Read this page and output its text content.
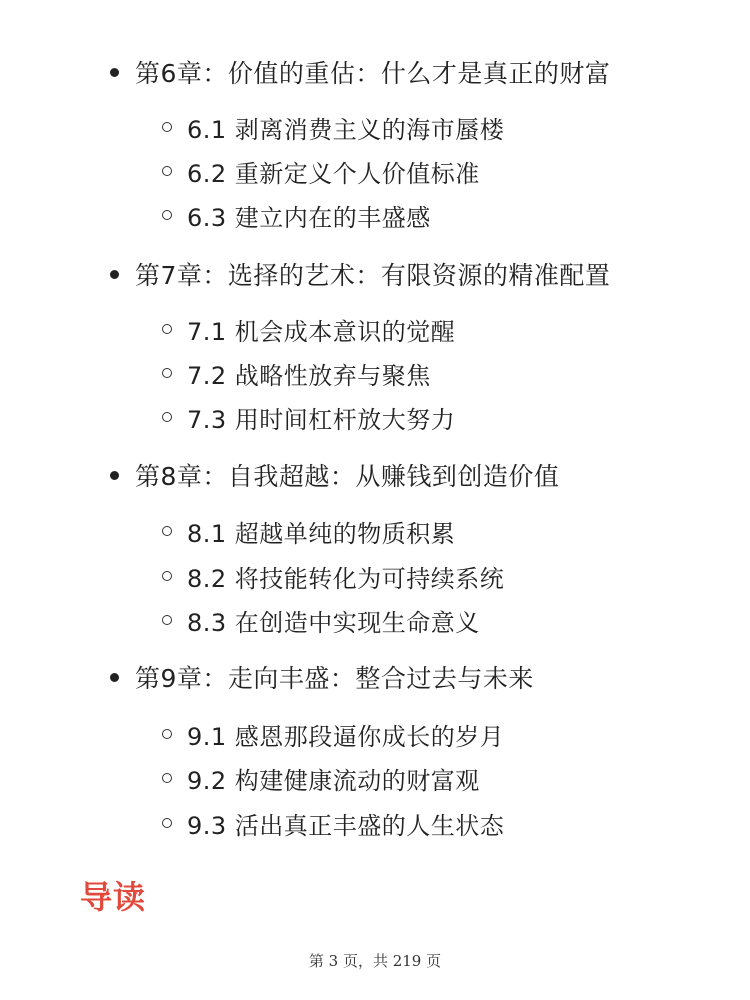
第6章：价值的重估：什么才是真正的财富
6.1 剥离消费主义的海市蜃楼
6.2 重新定义个人价值标准
6.3 建立内在的丰盛感
第7章：选择的艺术：有限资源的精准配置
7.1 机会成本意识的觉醒
7.2 战略性放弃与聚焦
7.3 用时间杠杆放大努力
第8章：自我超越：从赚钱到创造价值
8.1 超越单纯的物质积累
8.2 将技能转化为可持续系统
8.3 在创造中实现生命意义
第9章：走向丰盛：整合过去与未来
9.1 感恩那段逼你成长的岁月
9.2 构建健康流动的财富观
9.3 活出真正丰盛的人生状态
导读
第 3 页，共 219 页
